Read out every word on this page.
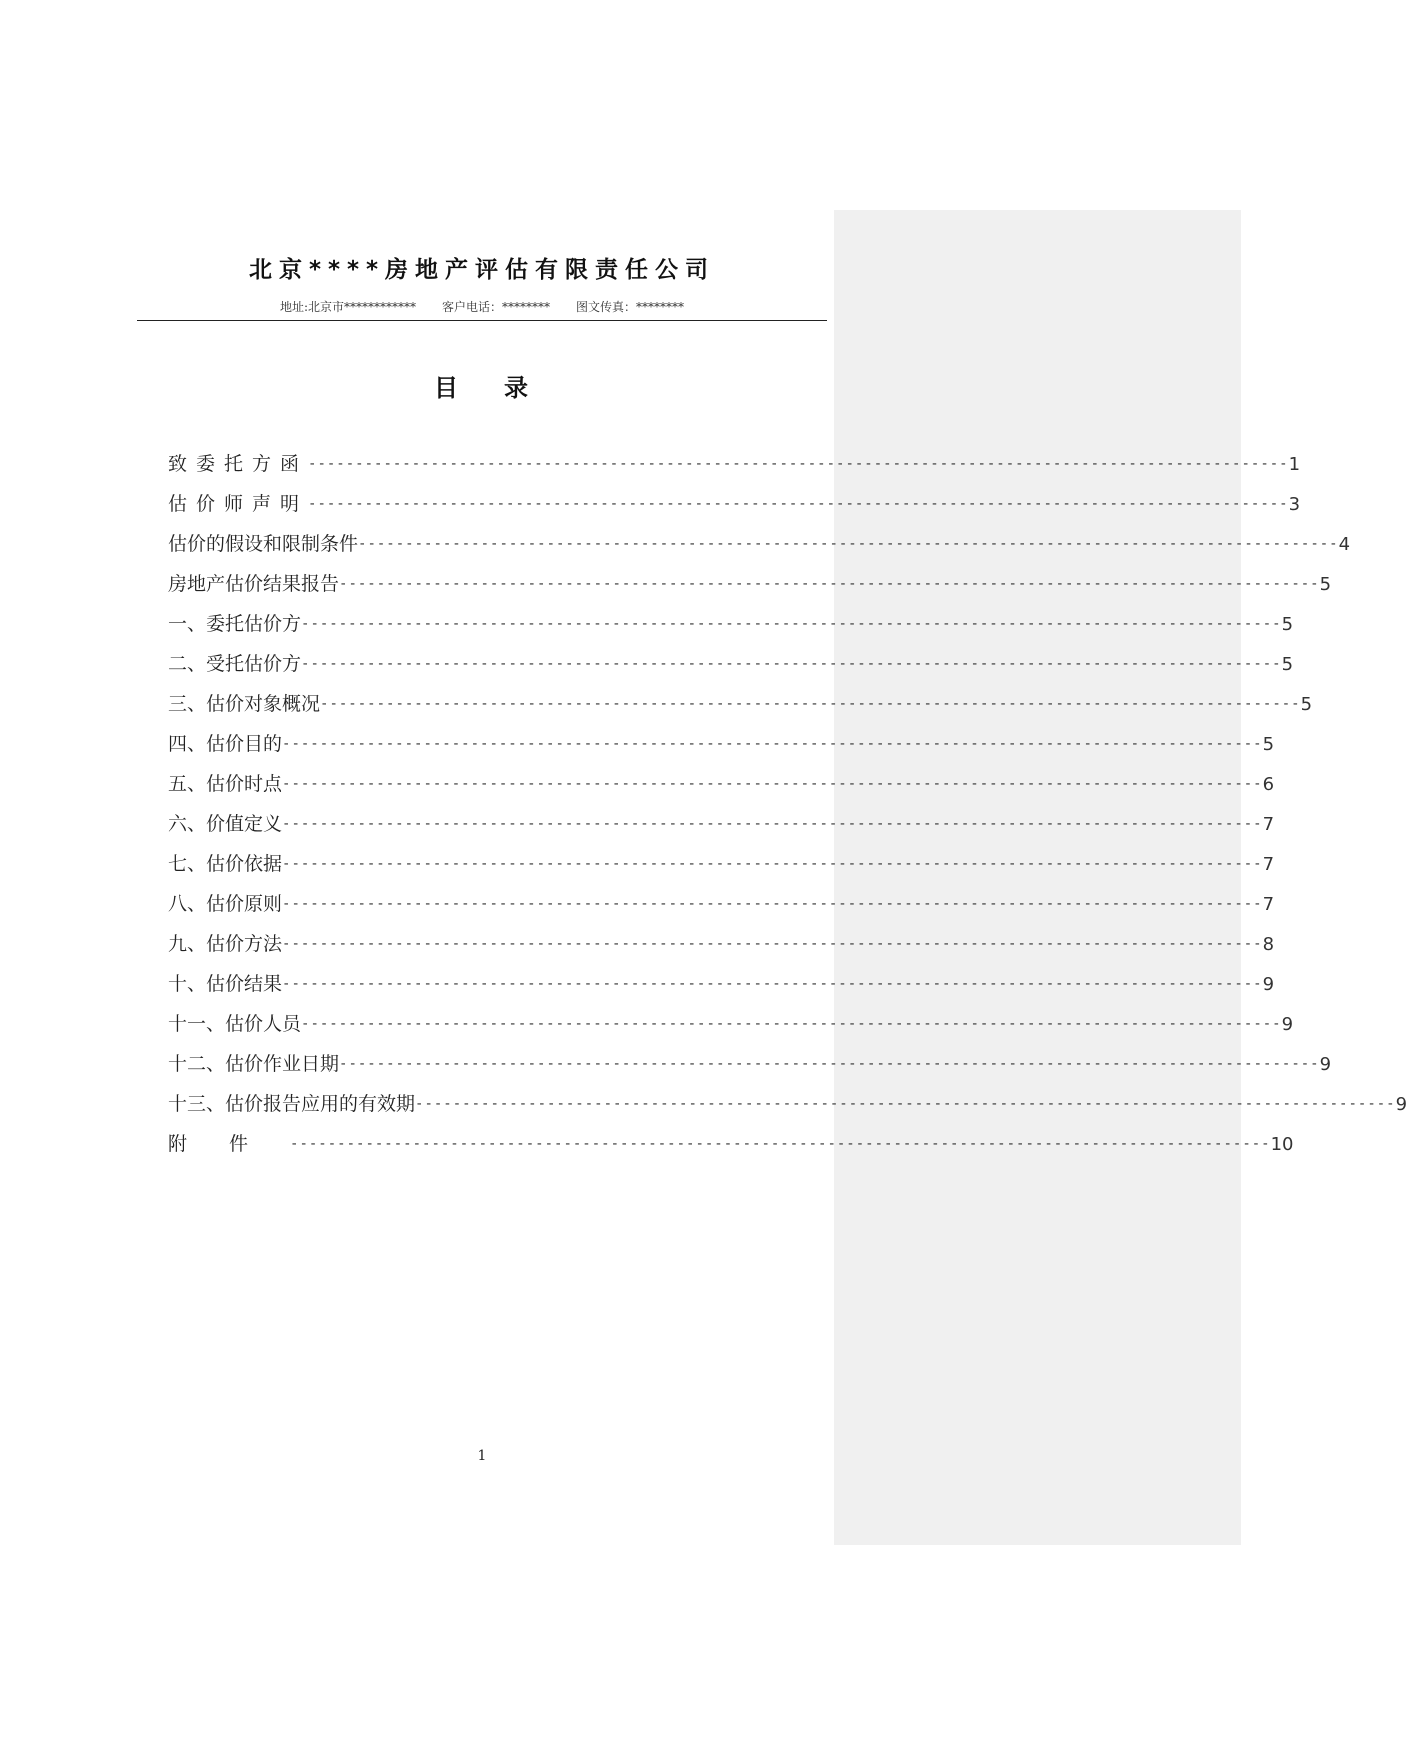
北京****房地产评估有限责任公司
地址:北京市************ 客户电话：******** 图文传真：********
目 录
致委托方函 -------------------------------------------------------------------------------------------------------- 1
估价师声明 -------------------------------------------------------------------------------------------------------- 3
估价的假设和限制条件 -------------------------------------------------------------------------------------------------------- 4
房地产估价结果报告 -------------------------------------------------------------------------------------------------------- 5
一、委托估价方 -------------------------------------------------------------------------------------------------------- 5
二、受托估价方 -------------------------------------------------------------------------------------------------------- 5
三、估价对象概况 -------------------------------------------------------------------------------------------------------- 5
四、估价目的 -------------------------------------------------------------------------------------------------------- 5
五、估价时点 -------------------------------------------------------------------------------------------------------- 6
六、价值定义 -------------------------------------------------------------------------------------------------------- 7
七、估价依据 -------------------------------------------------------------------------------------------------------- 7
八、估价原则 -------------------------------------------------------------------------------------------------------- 7
九、估价方法 -------------------------------------------------------------------------------------------------------- 8
十、估价结果 -------------------------------------------------------------------------------------------------------- 9
十一、估价人员 -------------------------------------------------------------------------------------------------------- 9
十二、估价作业日期 -------------------------------------------------------------------------------------------------------- 9
十三、估价报告应用的有效期 -------------------------------------------------------------------------------------------------------- 9
附件 -------------------------------------------------------------------------------------------------------- 10
1
